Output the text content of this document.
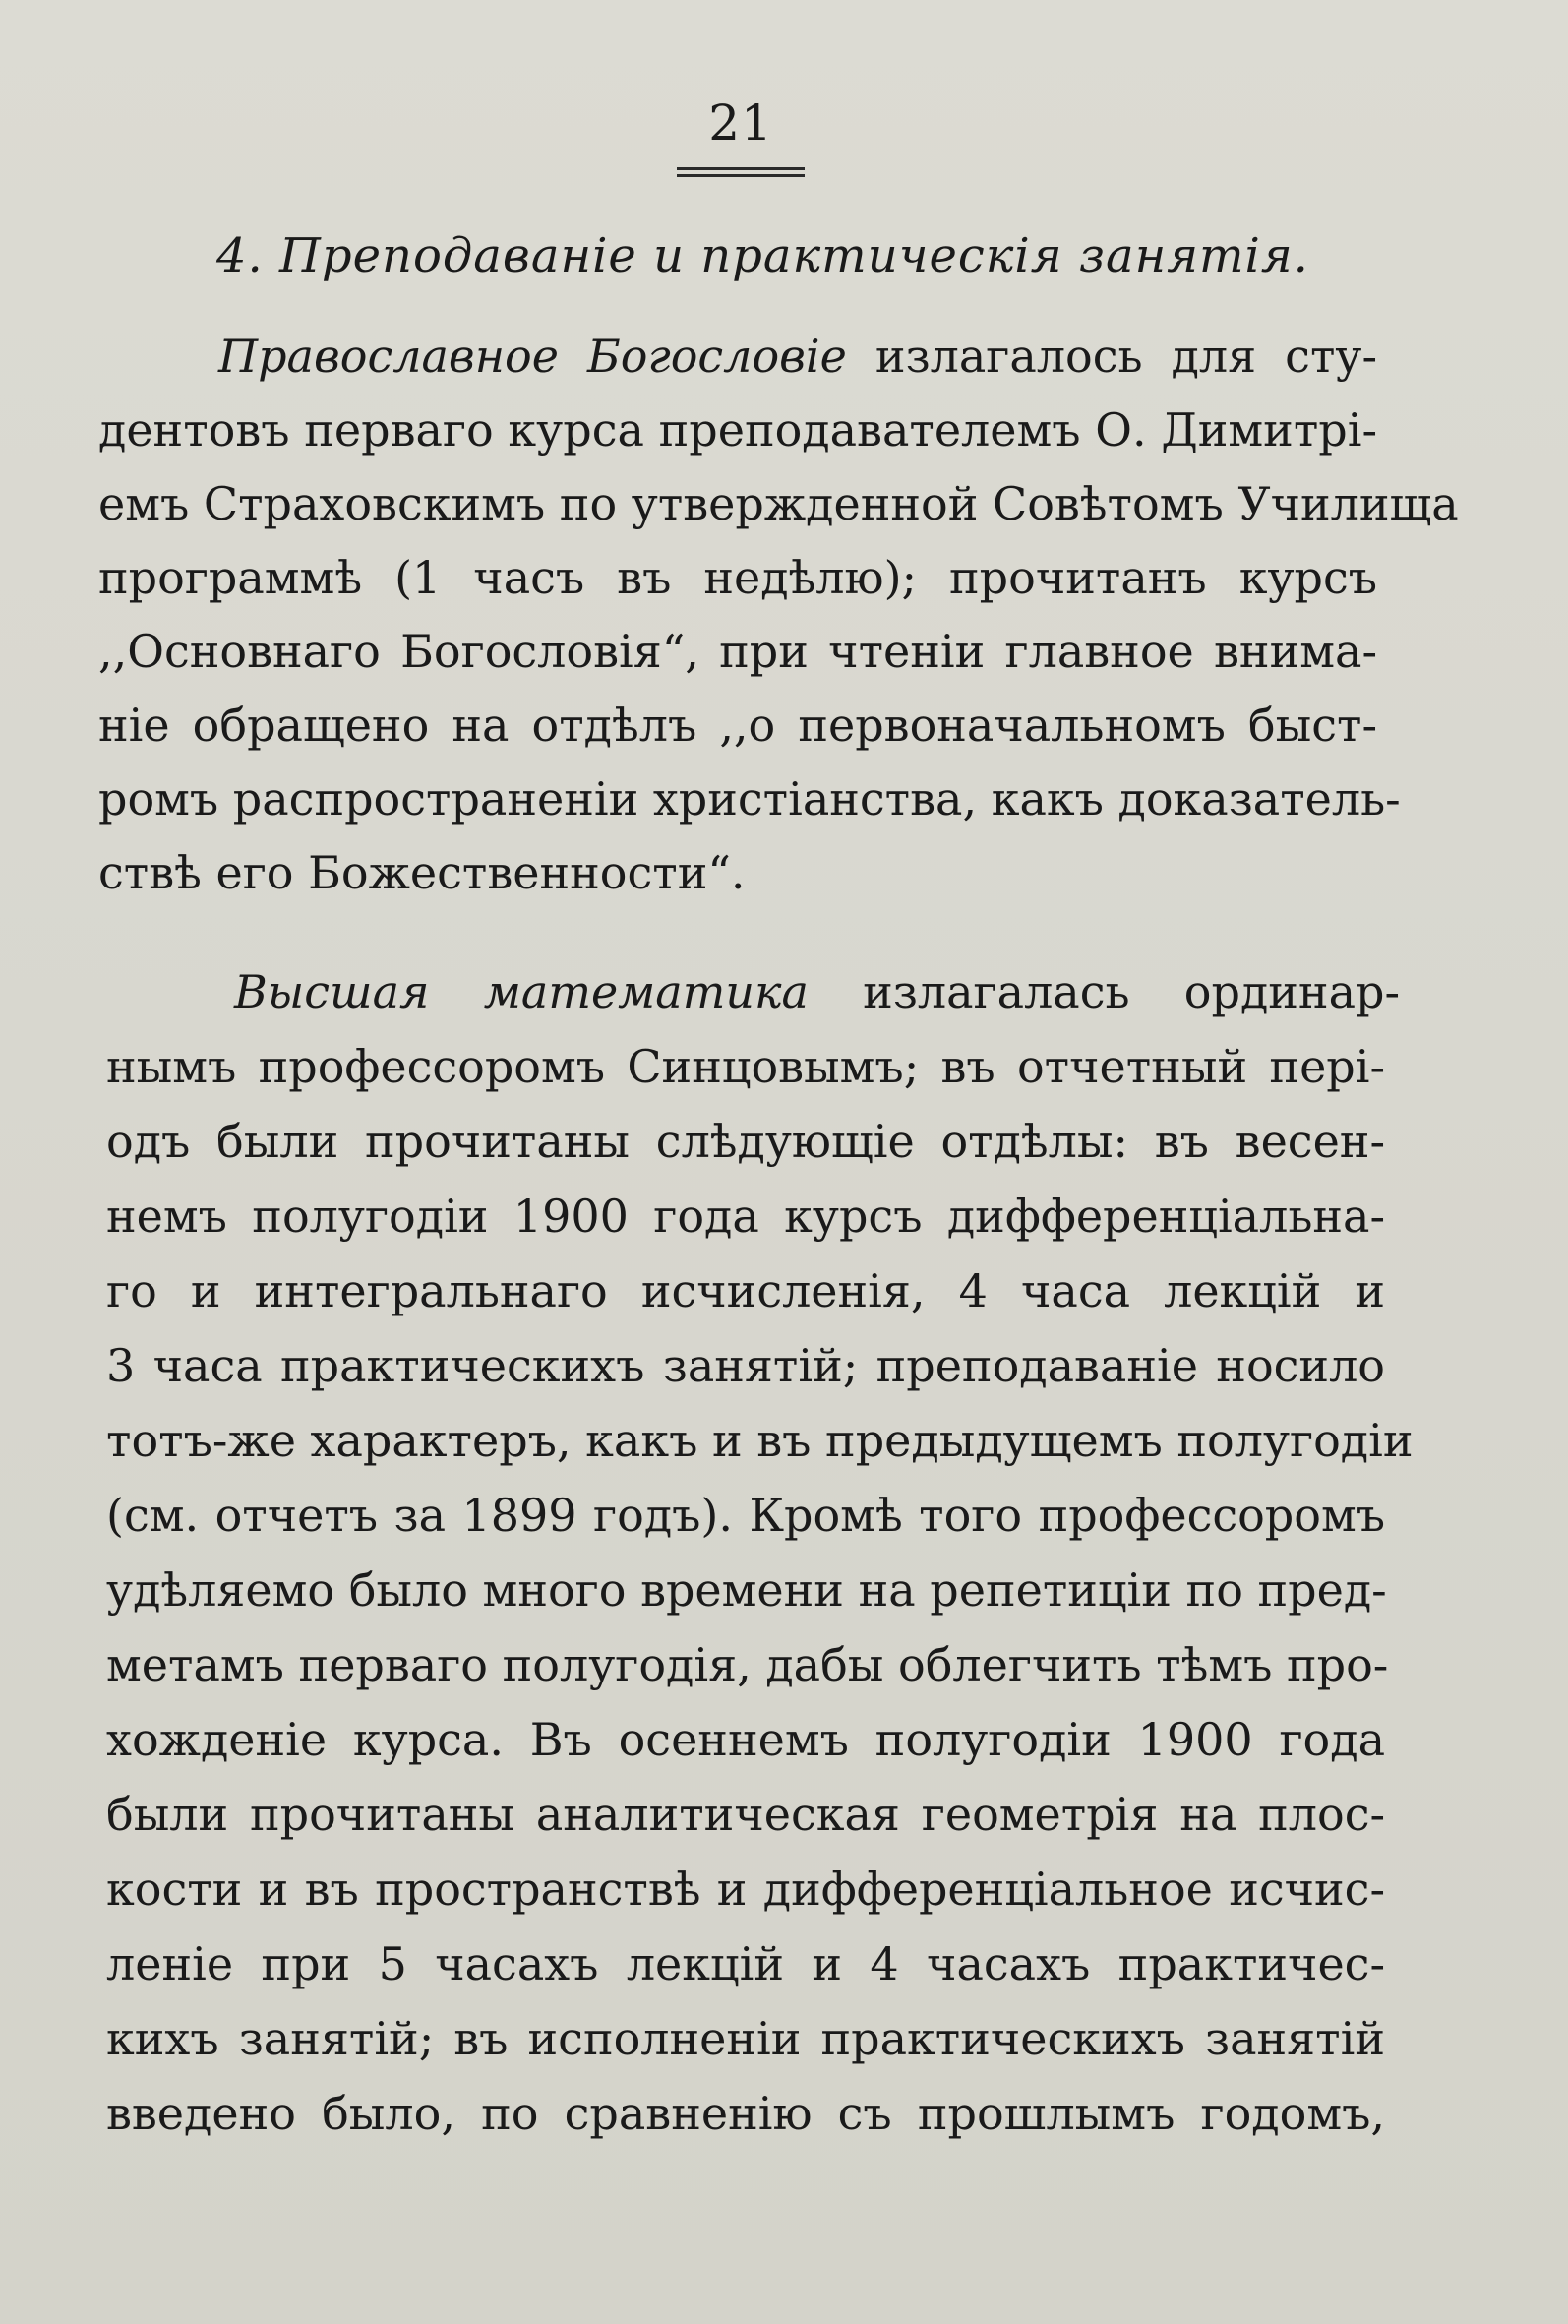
21
4. Преподаваніе и практическія занятія.
Православное Богословіе излагалось для сту-
дентовъ перваго курса преподавателемъ О. Димитрі-
емъ Страховскимъ по утвержденной Совѣтомъ Училища
программѣ (1 часъ въ недѣлю); прочитанъ курсъ
,,Основнаго Богословія“, при чтеніи главное внима-
ніе обращено на отдѣлъ ,,о первоначальномъ быст-
ромъ распространеніи христіанства, какъ доказатель-
ствѣ его Божественности“.
Высшая математика излагалась ординар-
нымъ профессоромъ Синцовымъ; въ отчетный пері-
одъ были прочитаны слѣдующіе отдѣлы: въ весен-
немъ полугодіи 1900 года курсъ дифференціальна-
го и интегральнаго исчисленія, 4 часа лекцій и
3 часа практическихъ занятій; преподаваніе носило
тотъ-же характеръ, какъ и въ предыдущемъ полугодіи
(см. отчетъ за 1899 годъ). Кромѣ того профессоромъ
удѣляемо было много времени на репетиціи по пред-
метамъ перваго полугодія, дабы облегчить тѣмъ про-
хожденіе курса. Въ осеннемъ полугодіи 1900 года
были прочитаны аналитическая геометрія на плос-
кости и въ пространствѣ и дифференціальное исчис-
леніе при 5 часахъ лекцій и 4 часахъ практичес-
кихъ занятій; въ исполненіи практическихъ занятій
введено было, по сравненію съ прошлымъ годомъ,
